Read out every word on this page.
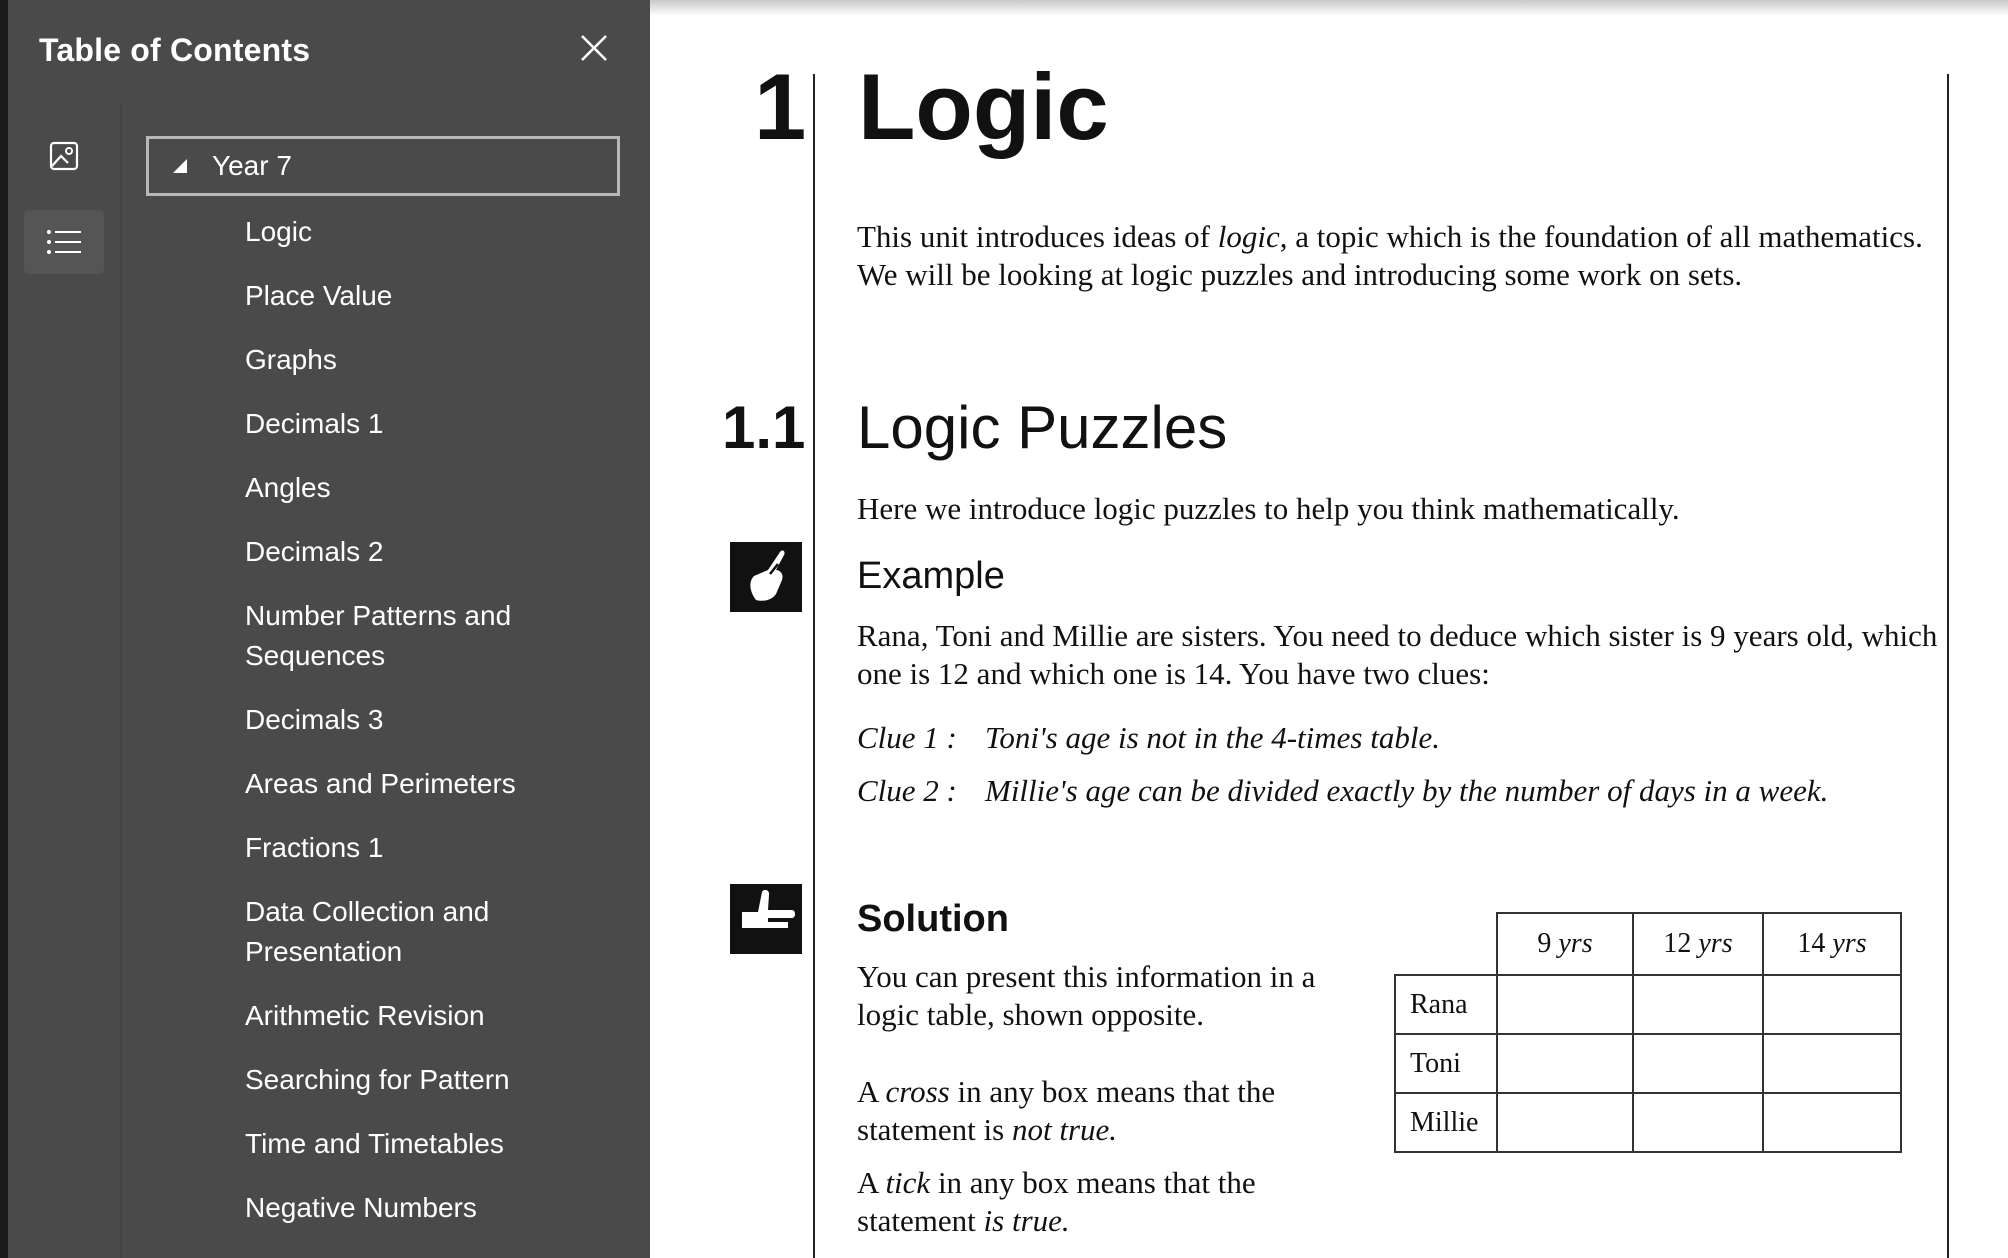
Table of Contents
Year 7
Logic
Place Value
Graphs
Decimals 1
Angles
Decimals 2
Number Patterns and Sequences
Decimals 3
Areas and Perimeters
Fractions 1
Data Collection and Presentation
Arithmetic Revision
Searching for Pattern
Time and Timetables
Negative Numbers
1 Logic

This unit introduces ideas of logic, a topic which is the foundation of all mathematics. We will be looking at logic puzzles and introducing some work on sets.

1.1 Logic Puzzles

Here we introduce logic puzzles to help you think mathematically.

Example

Rana, Toni and Millie are sisters. You need to deduce which sister is 9 years old, which one is 12 and which one is 14. You have two clues:

Clue 1 : Toni's age is not in the 4-times table.

Clue 2 : Millie's age can be divided exactly by the number of days in a week.

Solution

You can present this information in a logic table, shown opposite.

A cross in any box means that the statement is not true.

A tick in any box means that the statement is true.

	9 yrs	12 yrs	14 yrs
Rana			
Toni			
Millie			
